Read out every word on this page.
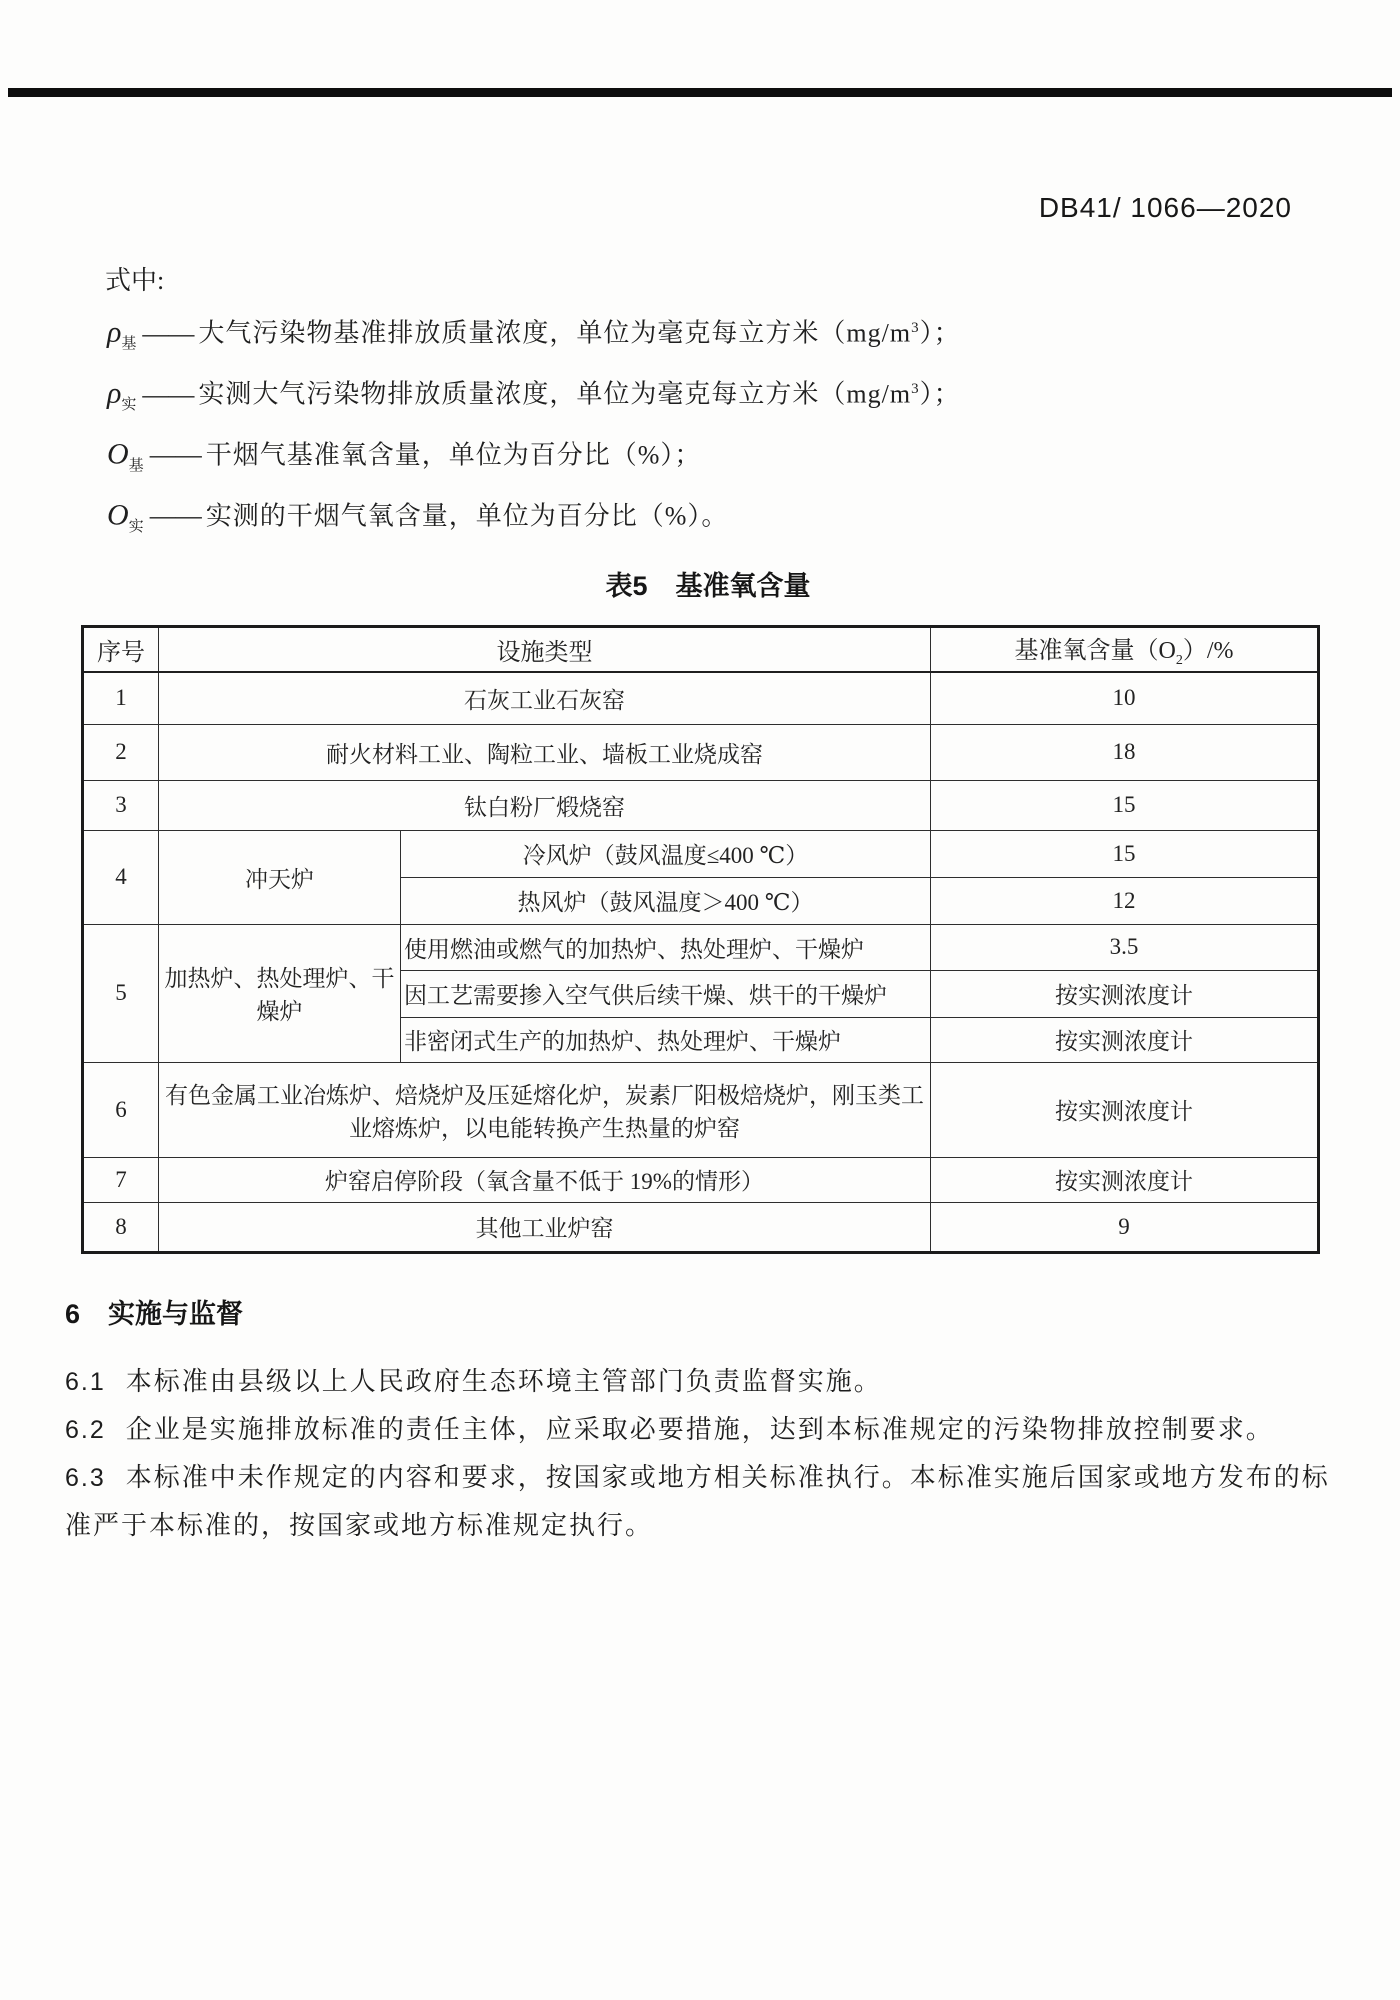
DB41/ 1066—2020
式中:
$\rho_基$ —— 大气污染物基准排放质量浓度，单位为毫克每立方米$(mg/m^3)$；
$\rho_实$ —— 实测大气污染物排放质量浓度，单位为毫克每立方米$(mg/m^3)$；
$O_基$ —— 干烟气基准氧含量，单位为百分比（%）；
$O_实$ —— 实测的干烟气氧含量，单位为百分比（%）。
表5 基准氧含量
序号	设施类型		基准氧含量$(O_2)/\%$
1	石灰工业石灰窑		10
2	耐火材料工业、陶粒工业、墙板工业烧成窑		18
3	钛白粉厂煅烧窑		15
4	冲天炉	冷风炉（鼓风温度≤400 ℃）	15
		热风炉（鼓风温度＞400 ℃）	12
5	加热炉、热处理炉、干燥炉	使用燃油或燃气的加热炉、热处理炉、干燥炉	3.5
		因工艺需要掺入空气供后续干燥、烘干的干燥炉	按实测浓度计
		非密闭式生产的加热炉、热处理炉、干燥炉	按实测浓度计
6	有色金属工业冶炼炉、焙烧炉及压延熔化炉，炭素厂阳极焙烧炉，刚玉类工业熔炼炉，以电能转换产生热量的炉窑		按实测浓度计
7	炉窑启停阶段（氧含量不低于 19%的情形）		按实测浓度计
8	其他工业炉窑		9
6 实施与监督

6.1 本标准由县级以上人民政府生态环境主管部门负责监督实施。

6.2 企业是实施排放标准的责任主体，应采取必要措施，达到本标准规定的污染物排放控制要求。

6.3 本标准中未作规定的内容和要求，按国家或地方相关标准执行。本标准实施后国家或地方发布的标准严于本标准的，按国家或地方标准规定执行。
